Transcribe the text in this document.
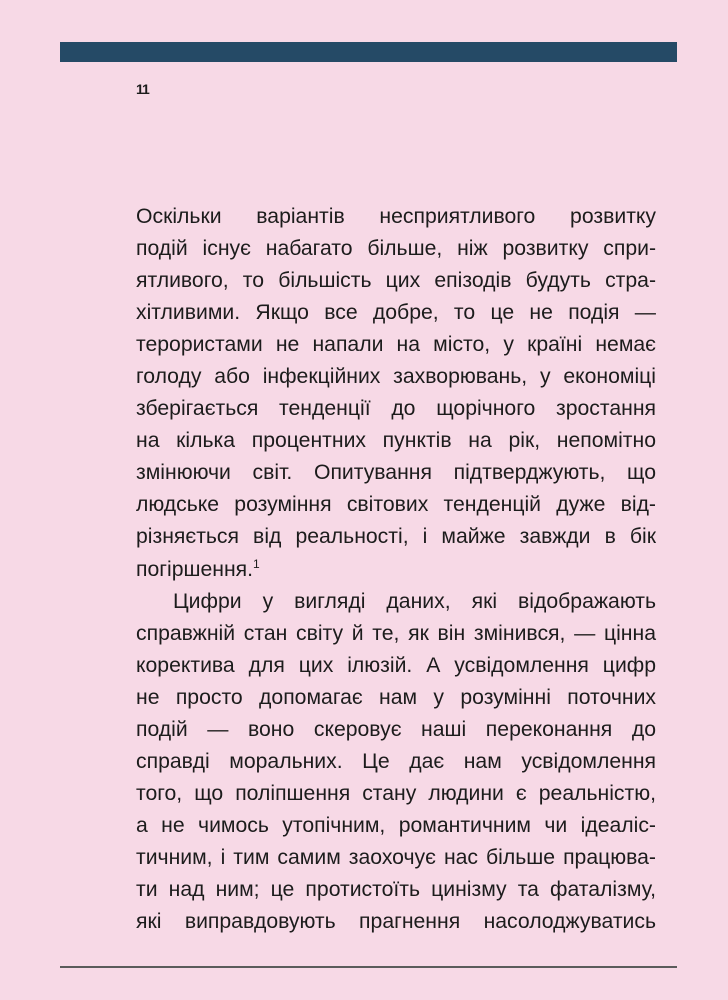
11
Оскільки варіантів несприятливого розвитку
подій існує набагато більше, ніж розвитку спри-
ятливого, то більшість цих епізодів будуть стра-
хітливими. Якщо все добре, то це не подія —
терористами не напали на місто, у країні немає
голоду або інфекційних захворювань, у економіці
зберігається тенденції до щорічного зростання
на кілька процентних пунктів на рік, непомітно
змінюючи світ. Опитування підтверджують, що
людське розуміння світових тенденцій дуже від-
різняється від реальності, і майже завжди в бік
погіршення.$^1$
Цифри у вигляді даних, які відображають
справжній стан світу й те, як він змінився, — цінна
коректива для цих ілюзій. А усвідомлення цифр
не просто допомагає нам у розумінні поточних
подій — воно скеровує наші переконання до
справді моральних. Це дає нам усвідомлення
того, що поліпшення стану людини є реальністю,
а не чимось утопічним, романтичним чи ідеаліс-
тичним, і тим самим заохочує нас більше працюва-
ти над ним; це протистоїть цинізму та фаталізму,
які виправдовують прагнення насолоджуватись
